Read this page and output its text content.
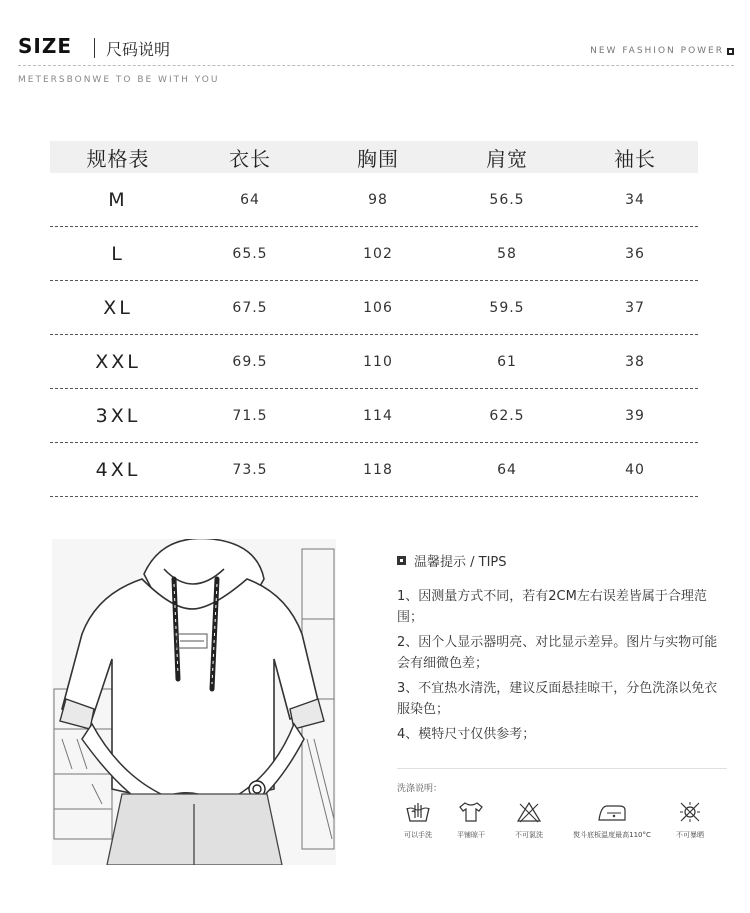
SIZE 尺码说明	NEW FASHION POWER
METERSBONWE TO BE WITH YOU
规格表	衣长	胸围	肩宽	袖长
M	64	98	56.5	34
L	65.5	102	58	36
XL	67.5	106	59.5	37
XXL	69.5	110	61	38
3XL	71.5	114	62.5	39
4XL	73.5	118	64	40
温馨提示 / TIPS
1、因测量方式不同，若有2CM左右误差皆属于合理范围；
2、因个人显示器明亮、对比显示差异。图片与实物可能会有细微色差；
3、不宜热水清洗，建议反面悬挂晾干，分色洗涤以免衣服染色；
4、模特尺寸仅供参考；
洗涤说明：
可以手洗	平铺晾干	不可氯洗	熨斗底板温度最高110°C	不可暴晒
